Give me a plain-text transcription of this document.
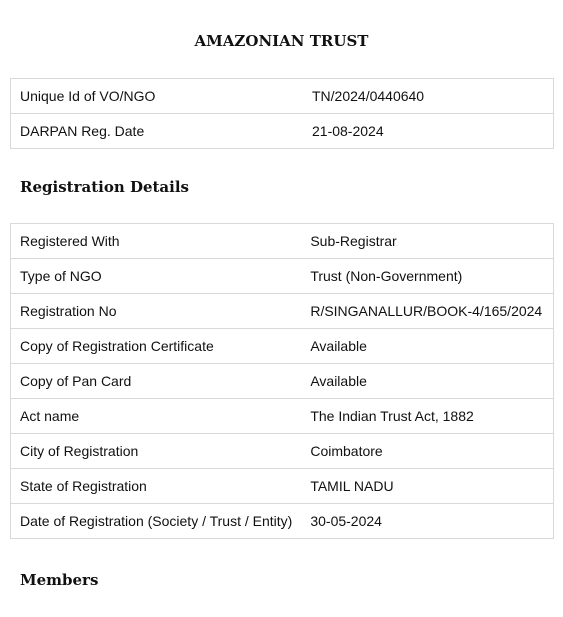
AMAZONIAN TRUST
Unique Id of VO/NGO	TN/2024/0440640
DARPAN Reg. Date	21-08-2024
Registration Details
Registered With	Sub-Registrar
Type of NGO	Trust (Non-Government)
Registration No	R/SINGANALLUR/BOOK-4/165/2024
Copy of Registration Certificate	Available
Copy of Pan Card	Available
Act name	The Indian Trust Act, 1882
City of Registration	Coimbatore
State of Registration	TAMIL NADU
Date of Registration (Society / Trust / Entity)	30-05-2024
Members
